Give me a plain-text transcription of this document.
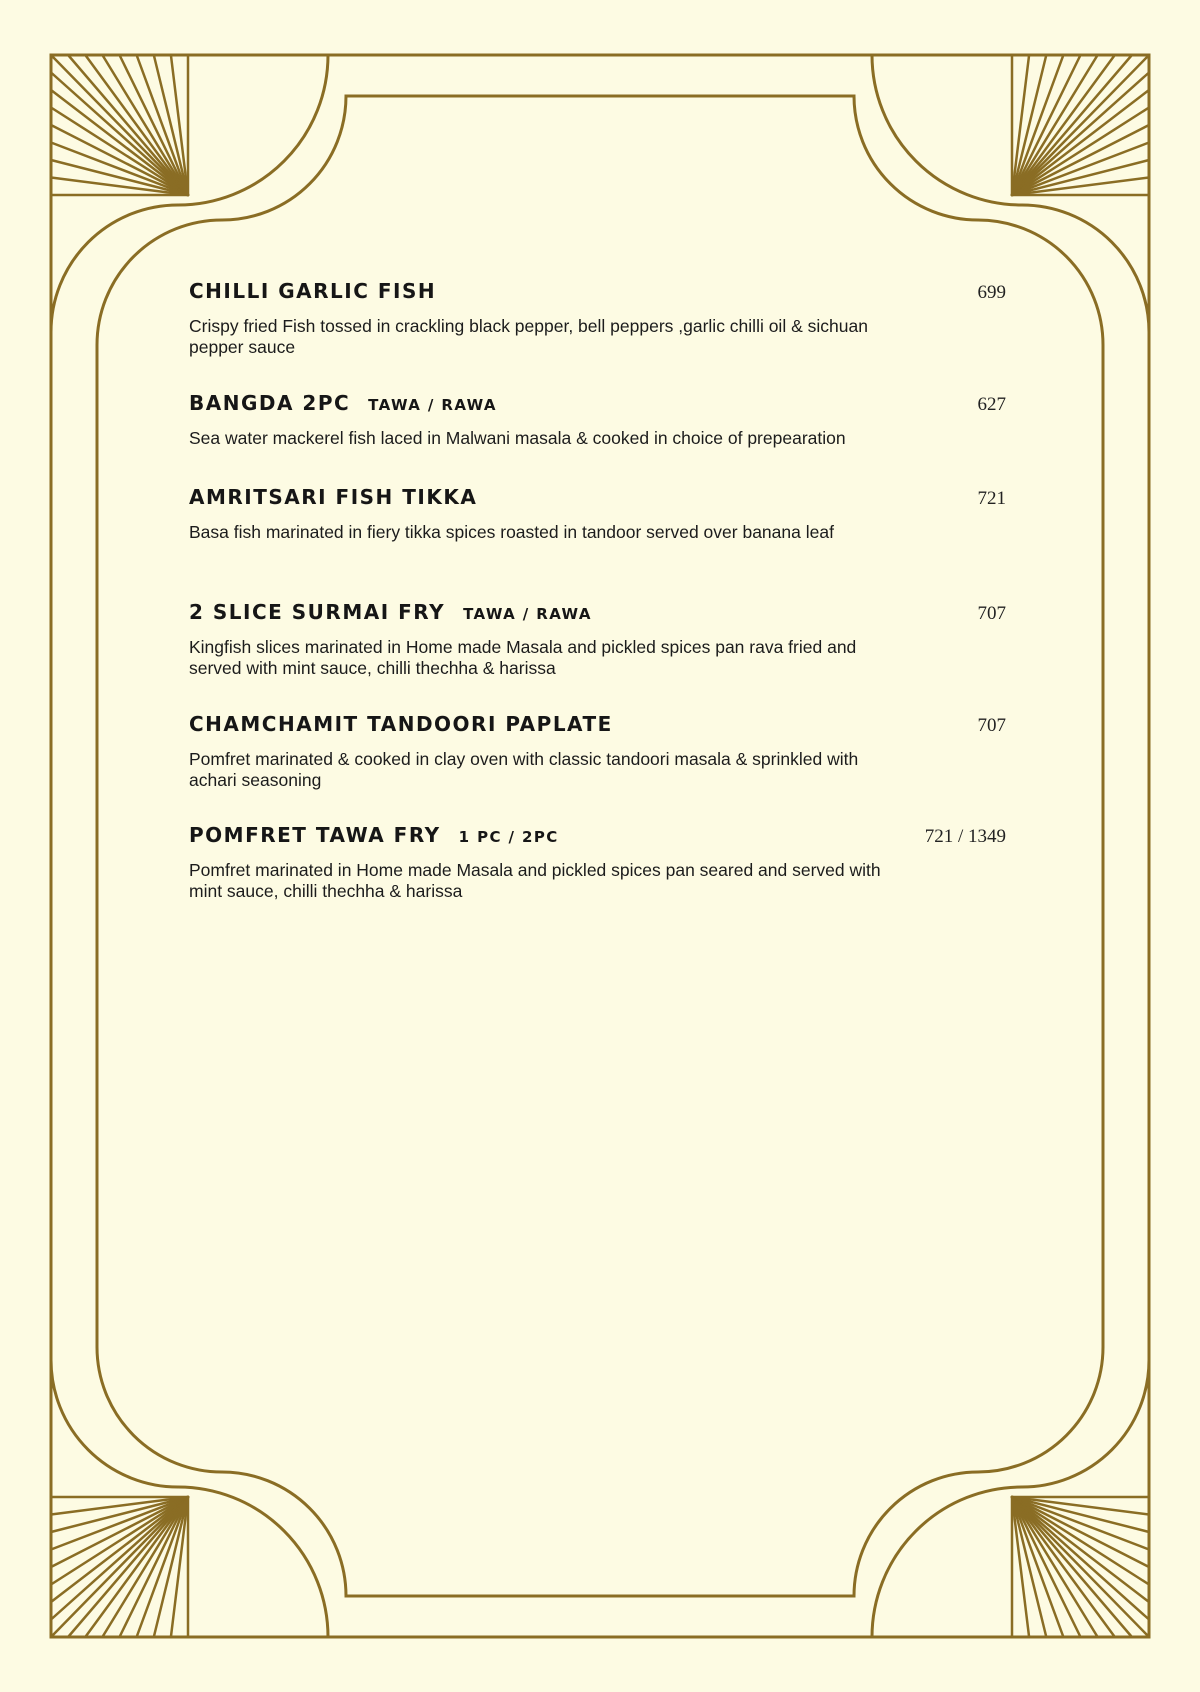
CHILLI GARLIC FISH	699
Crispy fried Fish tossed in crackling black pepper, bell peppers ,garlic chilli oil & sichuan pepper sauce
BANGDA 2PC TAWA / RAWA	627
Sea water mackerel fish laced in Malwani masala & cooked in choice of prepearation
AMRITSARI FISH TIKKA	721
Basa fish marinated in fiery tikka spices roasted in tandoor served over banana leaf
2 SLICE SURMAI FRY TAWA / RAWA	707
Kingfish slices marinated in Home made Masala and pickled spices pan rava fried and served with mint sauce, chilli thechha & harissa
CHAMCHAMIT TANDOORI PAPLATE	707
Pomfret marinated & cooked in clay oven with classic tandoori masala & sprinkled with achari seasoning
POMFRET TAWA FRY 1 PC / 2PC	721 / 1349
Pomfret marinated in Home made Masala and pickled spices pan seared and served with mint sauce, chilli thechha & harissa
